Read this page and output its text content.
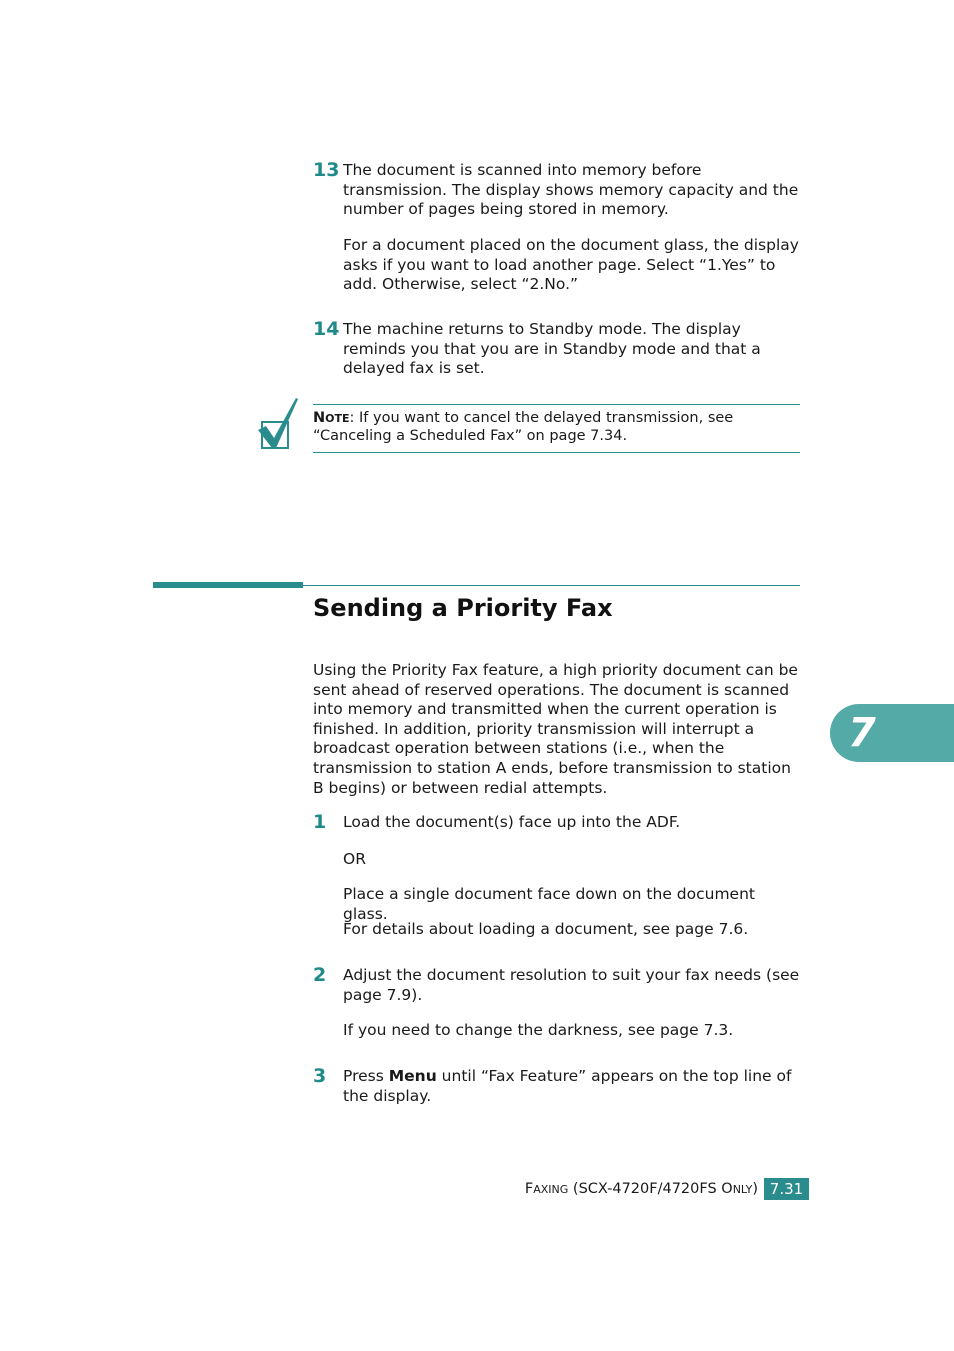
13 The document is scanned into memory before transmission. The display shows memory capacity and the number of pages being stored in memory.
For a document placed on the document glass, the display asks if you want to load another page. Select “1.Yes” to add. Otherwise, select “2.No.”
14 The machine returns to Standby mode. The display reminds you that you are in Standby mode and that a delayed fax is set.
NOTE: If you want to cancel the delayed transmission, see “Canceling a Scheduled Fax” on page 7.34.
Sending a Priority Fax
Using the Priority Fax feature, a high priority document can be sent ahead of reserved operations. The document is scanned into memory and transmitted when the current operation is finished. In addition, priority transmission will interrupt a broadcast operation between stations (i.e., when the transmission to station A ends, before transmission to station B begins) or between redial attempts.
1 Load the document(s) face up into the ADF.
OR
Place a single document face down on the document glass.
For details about loading a document, see page 7.6.
2 Adjust the document resolution to suit your fax needs (see page 7.9).
If you need to change the darkness, see page 7.3.
3 Press Menu until “Fax Feature” appears on the top line of the display.
7
FAXING (SCX-4720F/4720FS ONLY) 7.31
